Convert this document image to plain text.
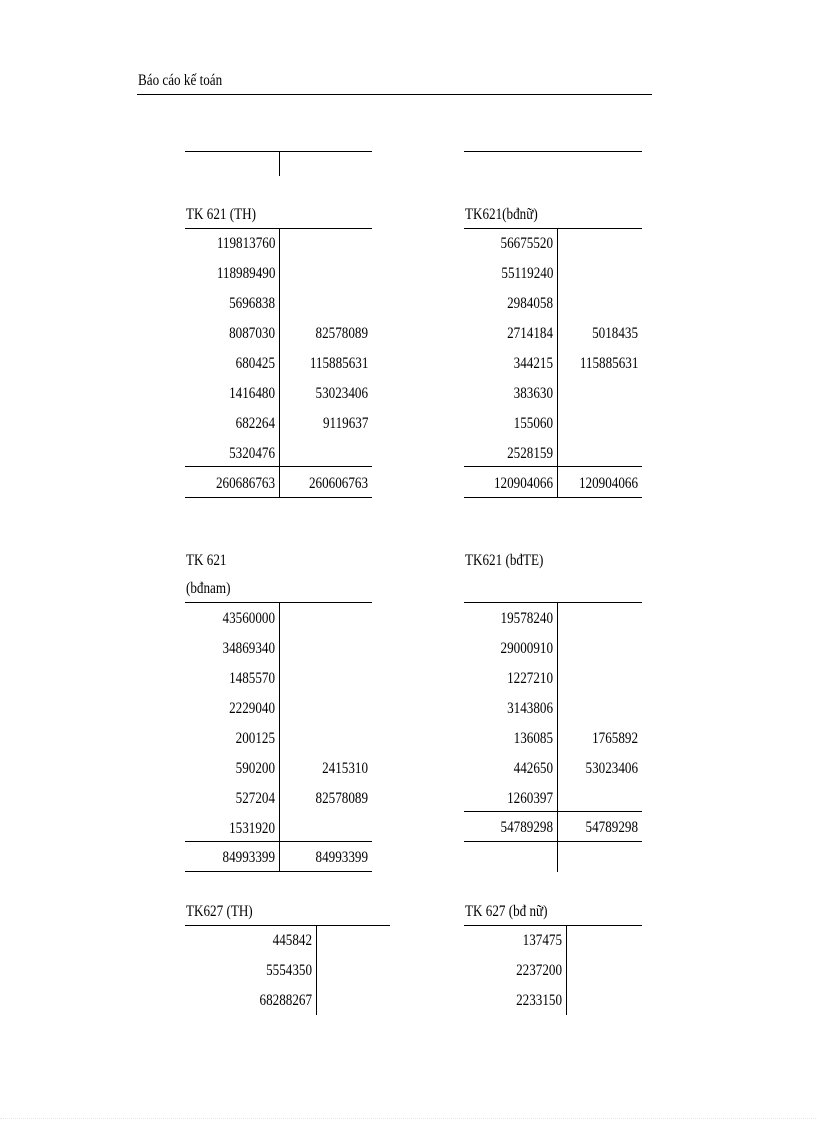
Báo cáo kế toán
TK 621 (TH)
119813760
118989490
5696838
8087030
680425
1416480
682264
5320476
82578089
115885631
53023406
9119637
260686763 260606763
TK621(bđnữ)
56675520
55119240
2984058
2714184
344215
383630
155060
2528159
5018435
115885631
120904066 120904066
TK 621
(bđnam)
43560000
34869340
1485570
2229040
200125
590200
527204
1531920
2415310
82578089
84993399	84993399
TK621 (bđTE)
19578240
29000910
1227210
3143806
136085
442650
1260397
1765892
53023406
54789298 54789298
TK627 (TH)
445842
5554350
68288267
TK 627 (bđ nữ)
137475
2237200
2233150
